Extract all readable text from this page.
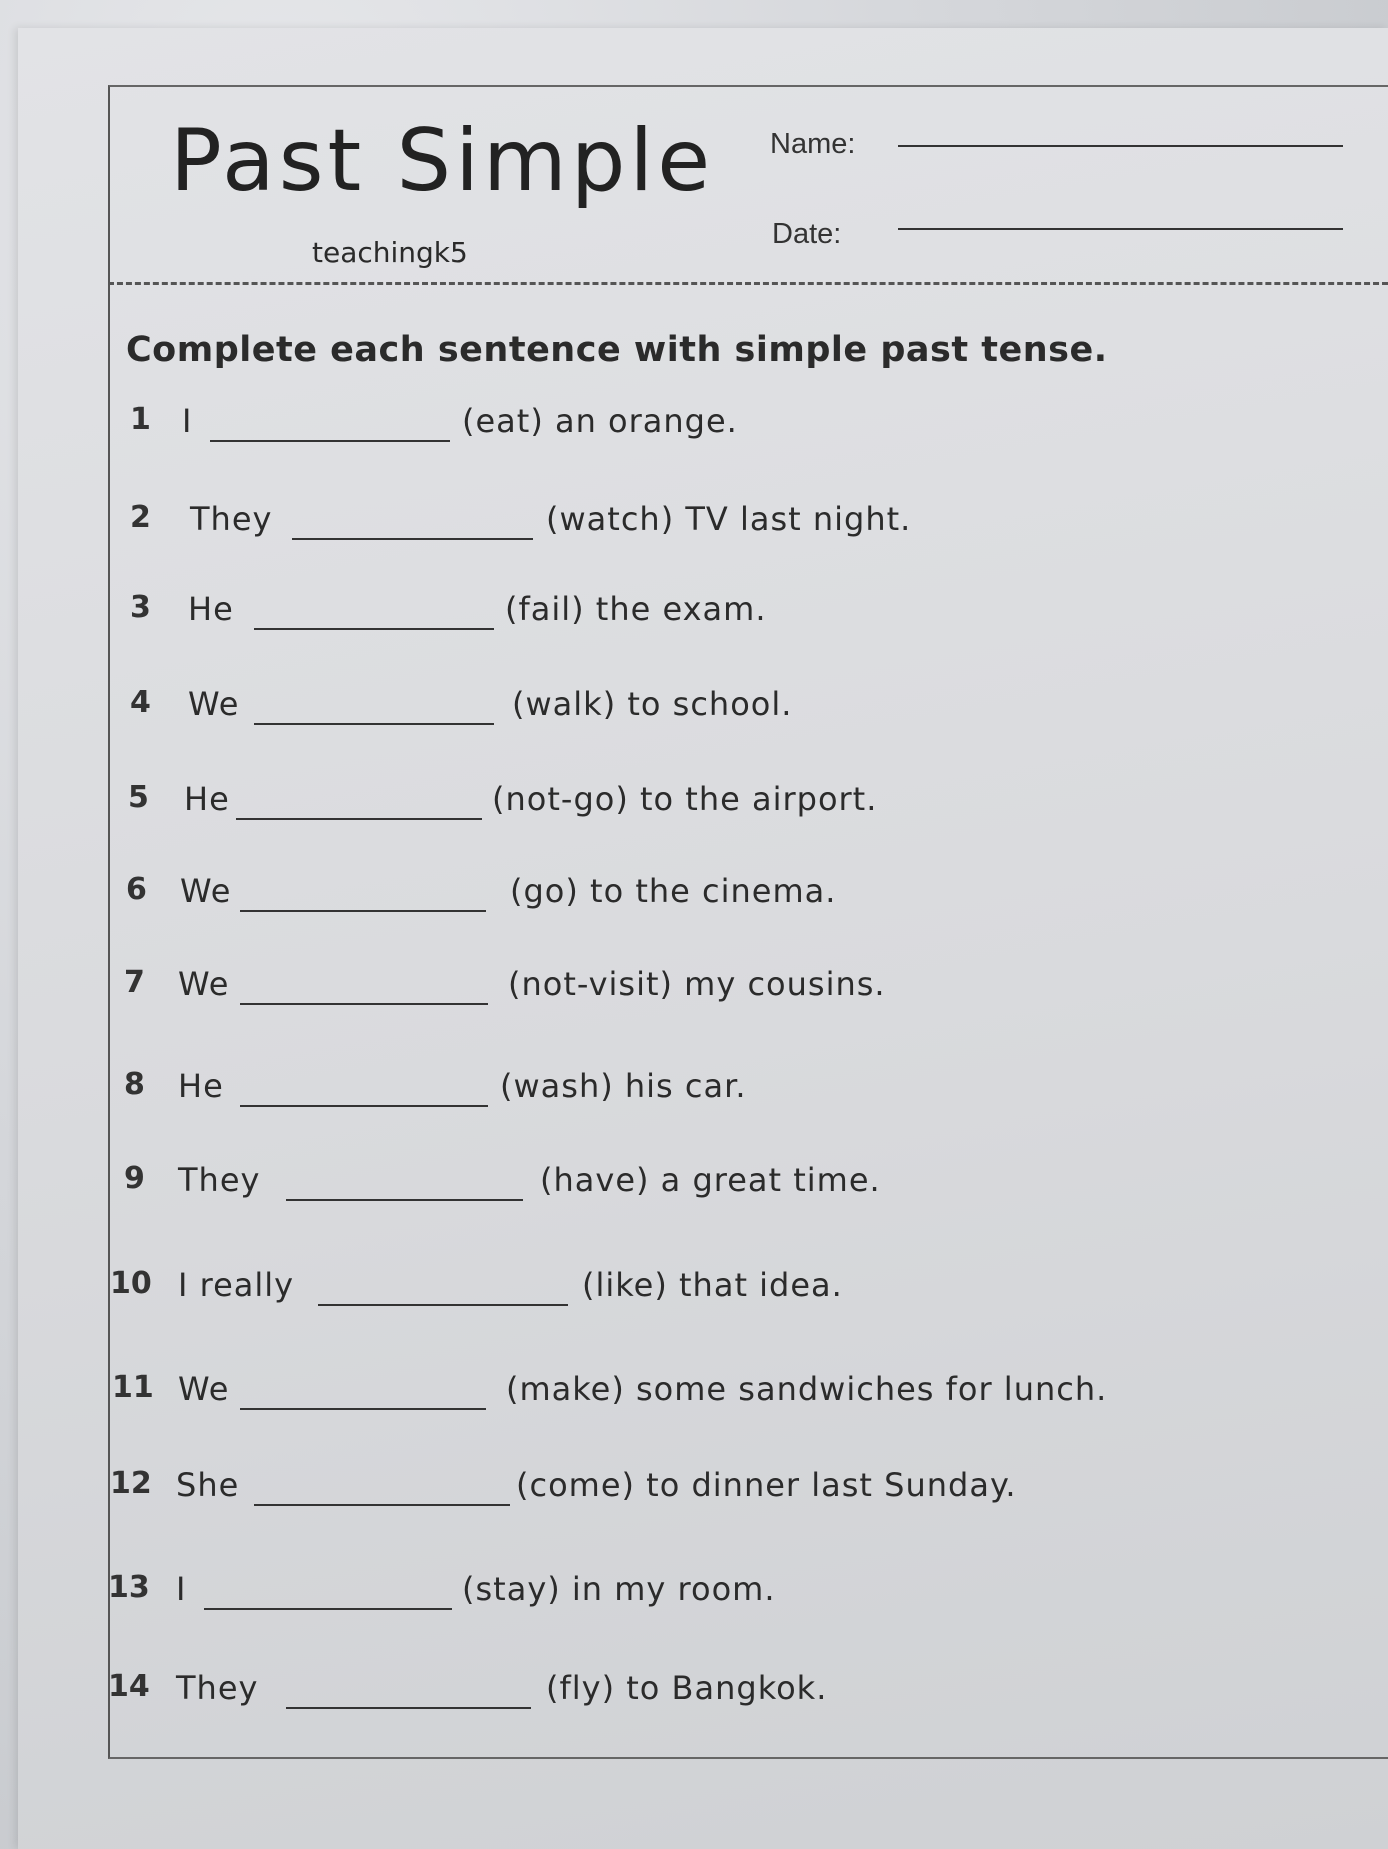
Past Simple
teachingk5
Name:
Date:
Complete each sentence with simple past tense.
1 I	(eat) an orange.
2 They	(watch) TV last night.
3 He	(fail) the exam.
4 We	(walk) to school.
5 He	(not-go) to the airport.
6 We	(go) to the cinema.
7 We	(not-visit) my cousins.
8 He	(wash) his car.
9 They	(have) a great time.
10 I really	(like) that idea.
11 We	(make) some sandwiches for lunch.
12 She	(come) to dinner last Sunday.
13 I	(stay) in my room.
14 They	(fly) to Bangkok.
